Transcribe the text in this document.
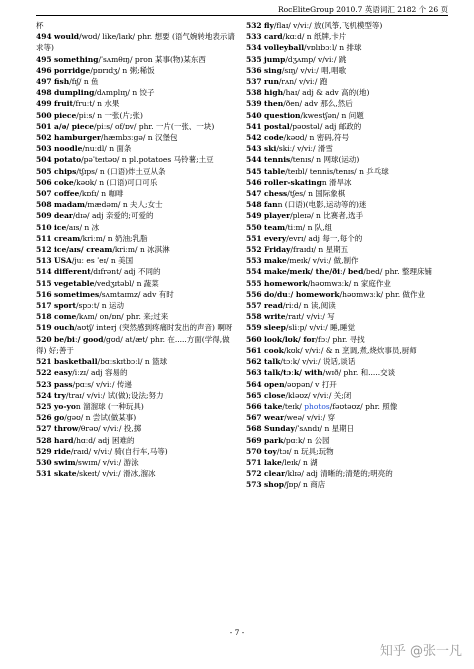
RocEliteGroup 2010.7 英语词汇 2182 个 26 页
杯
494 would/wʊd/ like/laɪk/ phr. 想要 (语气婉转地表示请求等)
495 something/ˈsʌmθɪŋ/ pron 某事(物)某东西
496 porridge/pɒrɪdʒ/ n 粥;稀饭
497 fish/fɪʃ/ n 鱼
498 dumpling/dʌmplɪŋ/ n 饺子
499 fruit/fruːt/ n 水果
500 piece/piːs/ n 一张(片;张)
501 a/ə/ piece/piːs/ of/ɒv/ phr. 一片(一张、一块)
502 hamburger/hæmbɜːgə/ n 汉堡包
503 noodle/nuːdl/ n 面条
504 potato/pəˈteɪtəʊ/ n pl.potatoes 马铃薯;土豆
505 chips/tʃɪps/ n (口语)炸土豆从条
506 coke/kəʊk/ n (口语)可口可乐
507 coffee/kɒfɪ/ n 咖啡
508 madam/mædəm/ n 夫人;女士
509 dear/dɪə/ adj 亲爱的;可爱的
510 ice/aɪs/ n 冰
511 cream/kriːm/ n 奶油;乳脂
512 ice/aɪs/ cream/kriːm/ n 冰淇淋
513 USA/juː es ˈeɪ/ n 美国
514 different/dɪfrənt/ adj 不同的
515 vegetable/vedʒɪtəbl/ n 蔬菜
516 sometimes/sʌmtaɪmz/ adv 有时
517 sport/spɔːt/ n 运动
518 come/kʌm/ on/ɒn/ phr. 来;过来
519 ouch/aʊtʃ/ interj (突然感到疼痛时发出的声音) 啊呀
520 be/biː/ good/gʊd/ at/æt/ phr. 在.....方面(学得,做得) 好;善于
521 basketball/bɑːskɪtbɔːl/ n 篮球
522 easy/iːzɪ/ adj 容易的
523 pass/pɑːs/ v/viː/ 传递
524 try/traɪ/ v/viː/ 试(做);设法;努力
525 yo-yon 溜溜球 (一种玩具)
526 go/gəʊ/ n 尝试(做某事)
527 throw/θrəʊ/ v/viː/ 投,掷
528 hard/hɑːd/ adj 困难的
529 ride/raɪd/ v/viː/ 骑(自行车,马等)
530 swim/swɪm/ v/viː/ 游泳
531 skate/skeɪt/ v/viː/ 滑冰,溜冰
532 fly/flaɪ/ v/viː/ 放(风筝,飞机模型等)
533 card/kɑːd/ n 纸牌,卡片
534 volleyball/vɒlɪbɔːl/ n 排球
535 jump/dʒʌmp/ v/viː/ 跳
536 sing/sɪŋ/ v/viː/ 唱,唱歌
537 run/rʌn/ v/viː/ 跑
538 high/haɪ/ adj & adv 高的(地)
539 then/ðen/ adv 那么,然后
540 question/kwestʃən/ n 问题
541 postal/pəʊstəl/ adj 邮政的
542 code/kəʊd/ n 密码,符号
543 ski/skiː/ v/viː/ 滑雪
544 tennis/tenɪs/ n 网球(运动)
545 table/teɪbl/ tennis/tenɪs/ n 乒乓球
546 roller-skatingn 滑旱冰
547 chess/tʃes/ n 国际象棋
548 fann (口语)(电影,运动等的)迷
549 player/pleɪə/ n 比赛者,选手
550 team/tiːm/ n 队,组
551 every/evrɪ/ adj 每一,每个的
552 Friday/fraɪdɪ/ n 星期五
553 make/meɪk/ v/viː/ 做,制作
554 make/meɪk/ the/ðiː/ bed/bed/ phr. 整理床铺
555 homework/həʊmwɜːk/ n 家庭作业
556 do/duː/ homework/həʊmwɜːk/ phr. 做作业
557 read/riːd/ n 读,阅读
558 write/raɪt/ v/viː/ 写
559 sleep/sliːp/ v/viː/ 睡,睡觉
560 look/lʊk/ for/fɔː/ phr. 寻找
561 cook/kʊk/ v/viː/ & n 烹调,煮,烧炊事员,厨师
562 talk/tɔːk/ v/viː/ 说话,谈话
563 talk/tɔːk/ with/wɪð/ phr. 和.....交谈
564 open/əʊpən/ v 打开
565 close/kləʊz/ v/viː/ 关;闭
566 take/teɪk/ photos/fəʊtəʊz/ phr. 照像
567 wear/weə/ v/viː/ 穿
568 Sunday/ˈsʌndɪ/ n 星期日
569 park/pɑːk/ n 公园
570 toy/tɔɪ/ n 玩具;玩物
571 lake/leɪk/ n 湖
572 clear/klɪə/ adj 清晰的;清楚的;明亮的
573 shop/ʃɒp/ n 商店
- 7 -
知乎 @张一凡
